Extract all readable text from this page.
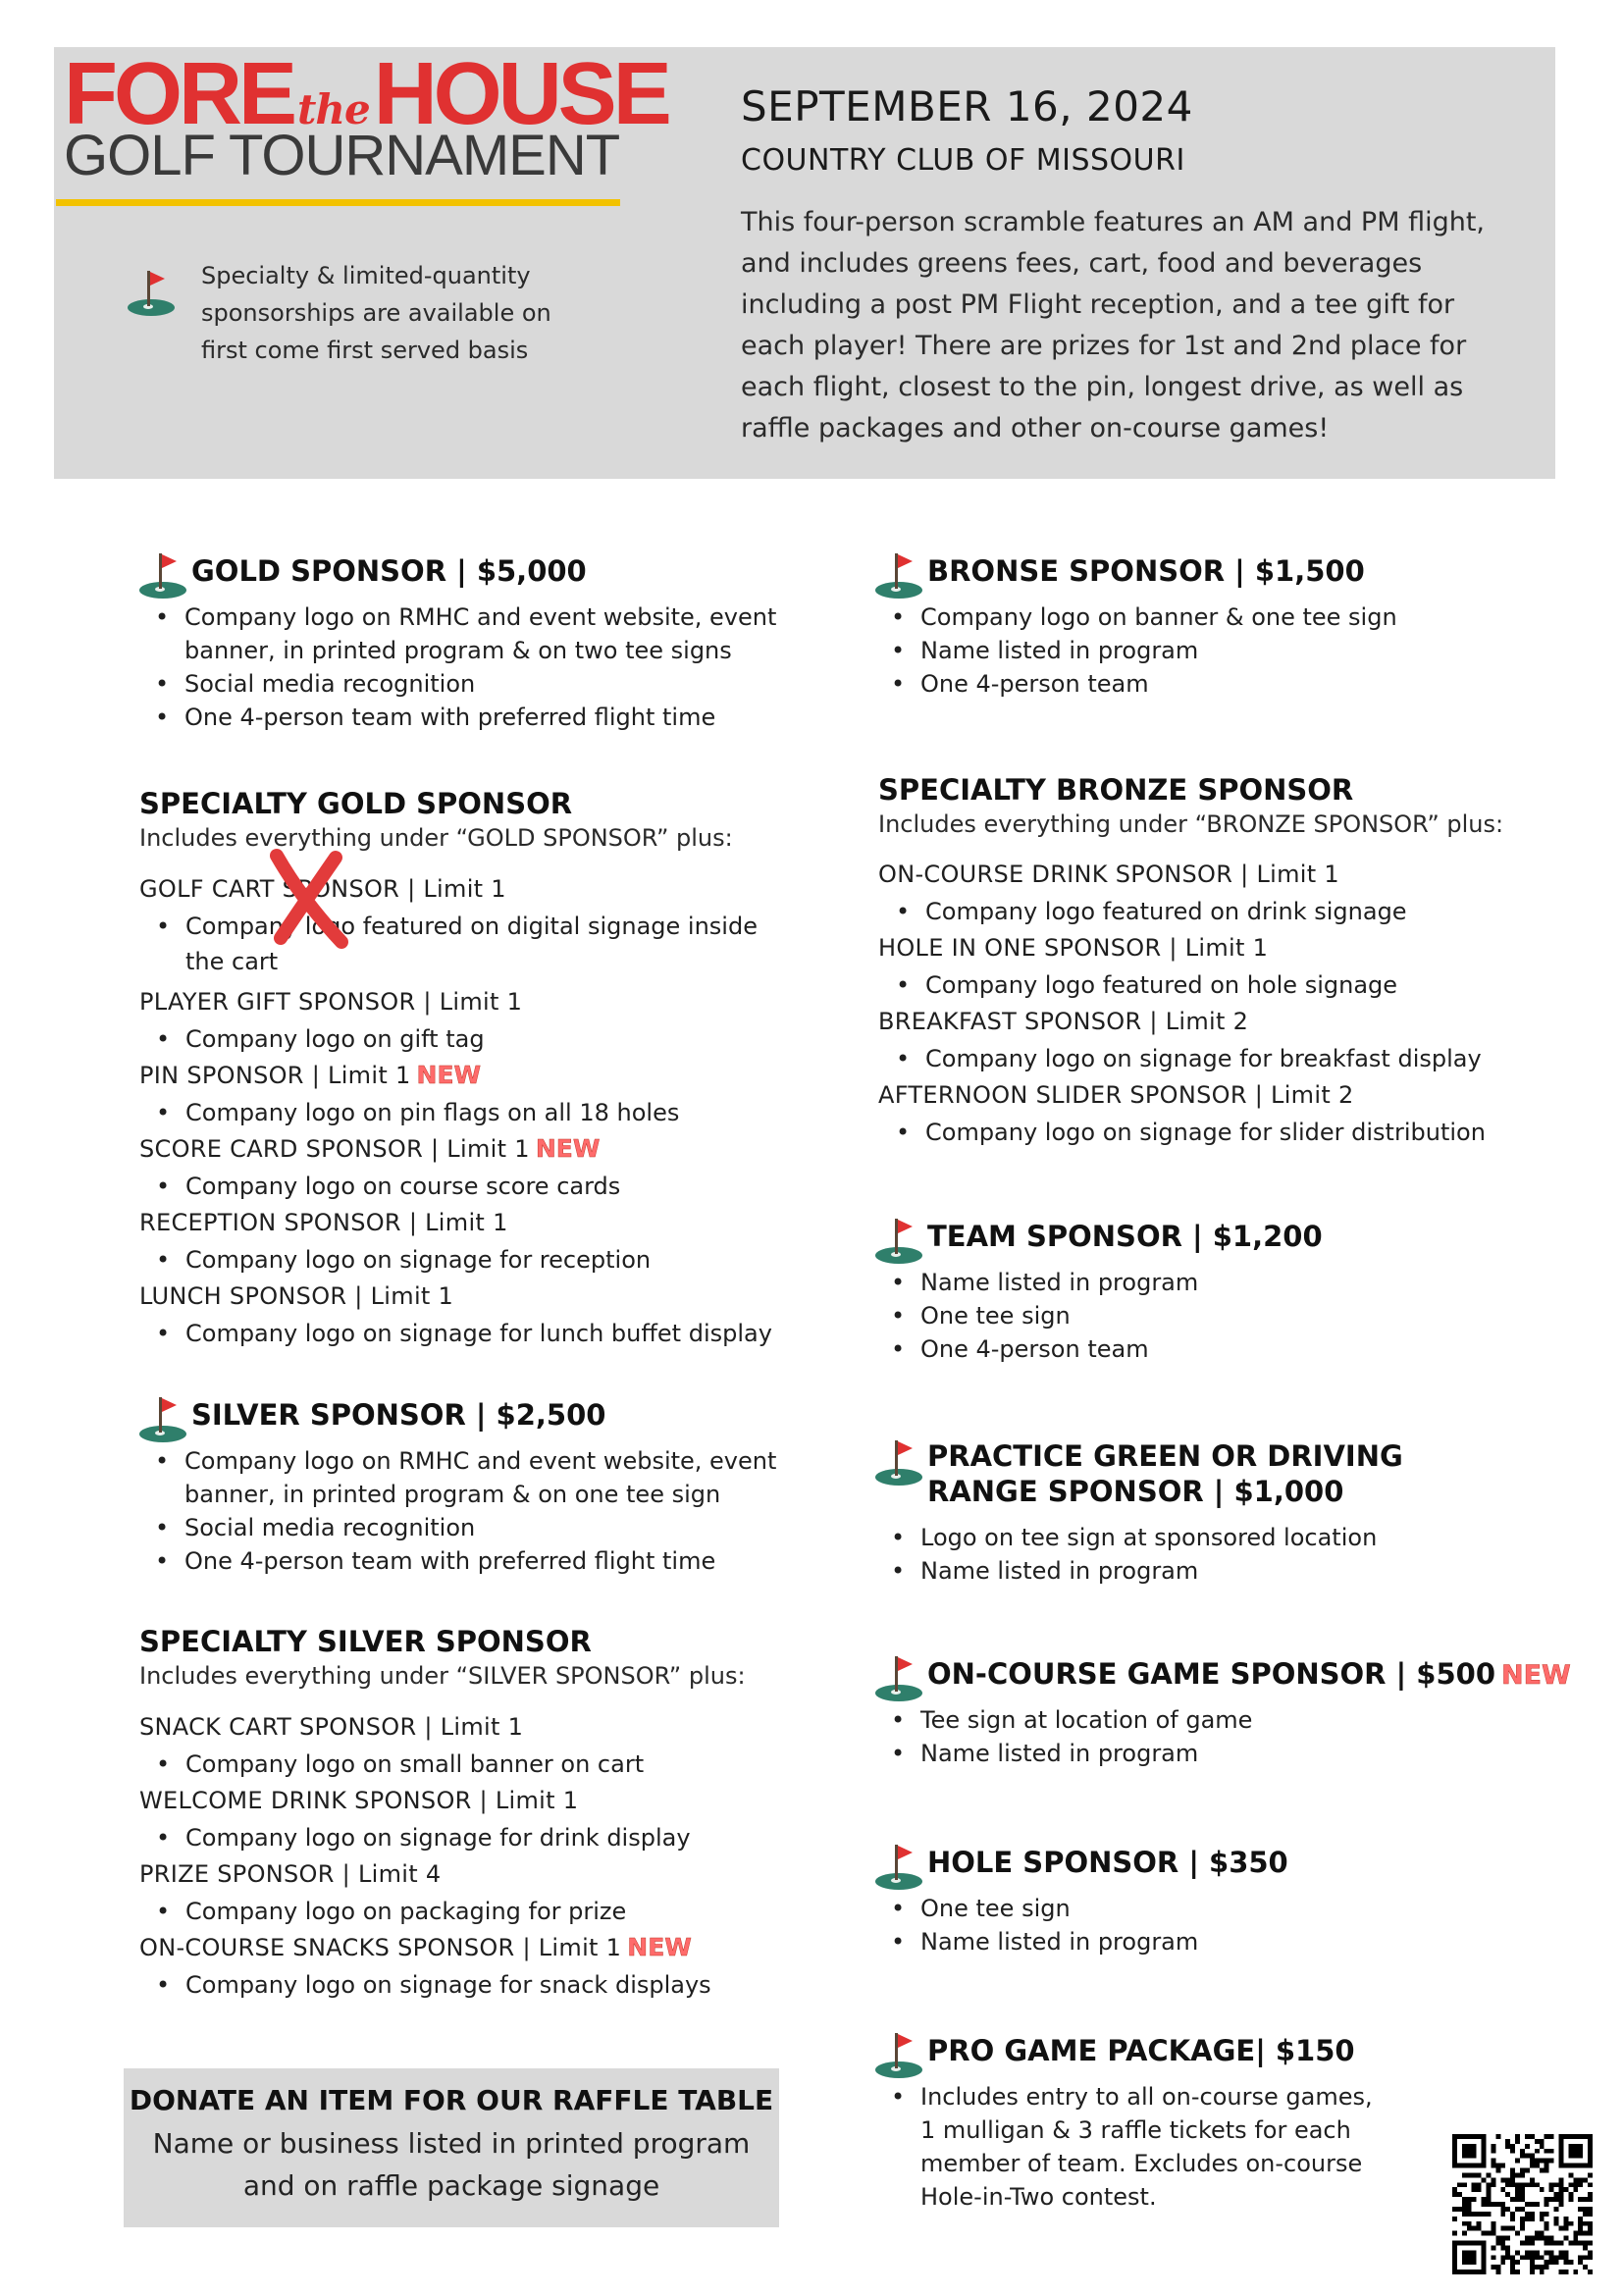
FOREtheHOUSE
GOLF TOURNAMENT
Specialty & limited-quantity sponsorships are available on first come first served basis
SEPTEMBER 16, 2024
COUNTRY CLUB OF MISSOURI
This four-person scramble features an AM and PM flight, and includes greens fees, cart, food and beverages including a post PM Flight reception, and a tee gift for each player! There are prizes for 1st and 2nd place for each flight, closest to the pin, longest drive, as well as raffle packages and other on-course games!
GOLD SPONSOR | $5,000
• Company logo on RMHC and event website, event banner, in printed program & on two tee signs
• Social media recognition
• One 4-person team with preferred flight time
SPECIALTY GOLD SPONSOR
Includes everything under “GOLD SPONSOR” plus:
GOLF CART SPONSOR | Limit 1
• Company logo featured on digital signage inside the cart
PLAYER GIFT SPONSOR | Limit 1
• Company logo on gift tag
PIN SPONSOR | Limit 1 NEW
• Company logo on pin flags on all 18 holes
SCORE CARD SPONSOR | Limit 1 NEW
• Company logo on course score cards
RECEPTION SPONSOR | Limit 1
• Company logo on signage for reception
LUNCH SPONSOR | Limit 1
• Company logo on signage for lunch buffet display
SILVER SPONSOR | $2,500
• Company logo on RMHC and event website, event banner, in printed program & on one tee sign
• Social media recognition
• One 4-person team with preferred flight time
SPECIALTY SILVER SPONSOR
Includes everything under “SILVER SPONSOR” plus:
SNACK CART SPONSOR | Limit 1
• Company logo on small banner on cart
WELCOME DRINK SPONSOR | Limit 1
• Company logo on signage for drink display
PRIZE SPONSOR | Limit 4
• Company logo on packaging for prize
ON-COURSE SNACKS SPONSOR | Limit 1 NEW
• Company logo on signage for snack displays
DONATE AN ITEM FOR OUR RAFFLE TABLE
Name or business listed in printed program
and on raffle package signage
BRONSE SPONSOR | $1,500
• Company logo on banner & one tee sign
• Name listed in program
• One 4-person team
SPECIALTY BRONZE SPONSOR
Includes everything under “BRONZE SPONSOR” plus:
ON-COURSE DRINK SPONSOR | Limit 1
• Company logo featured on drink signage
HOLE IN ONE SPONSOR | Limit 1
• Company logo featured on hole signage
BREAKFAST SPONSOR | Limit 2
• Company logo on signage for breakfast display
AFTERNOON SLIDER SPONSOR | Limit 2
• Company logo on signage for slider distribution
TEAM SPONSOR | $1,200
• Name listed in program
• One tee sign
• One 4-person team
PRACTICE GREEN OR DRIVING
RANGE SPONSOR | $1,000
• Logo on tee sign at sponsored location
• Name listed in program
ON-COURSE GAME SPONSOR | $500 NEW
• Tee sign at location of game
• Name listed in program
HOLE SPONSOR | $350
• One tee sign
• Name listed in program
PRO GAME PACKAGE| $150
• Includes entry to all on-course games,
1 mulligan & 3 raffle tickets for each
member of team. Excludes on-course
Hole-in-Two contest.
